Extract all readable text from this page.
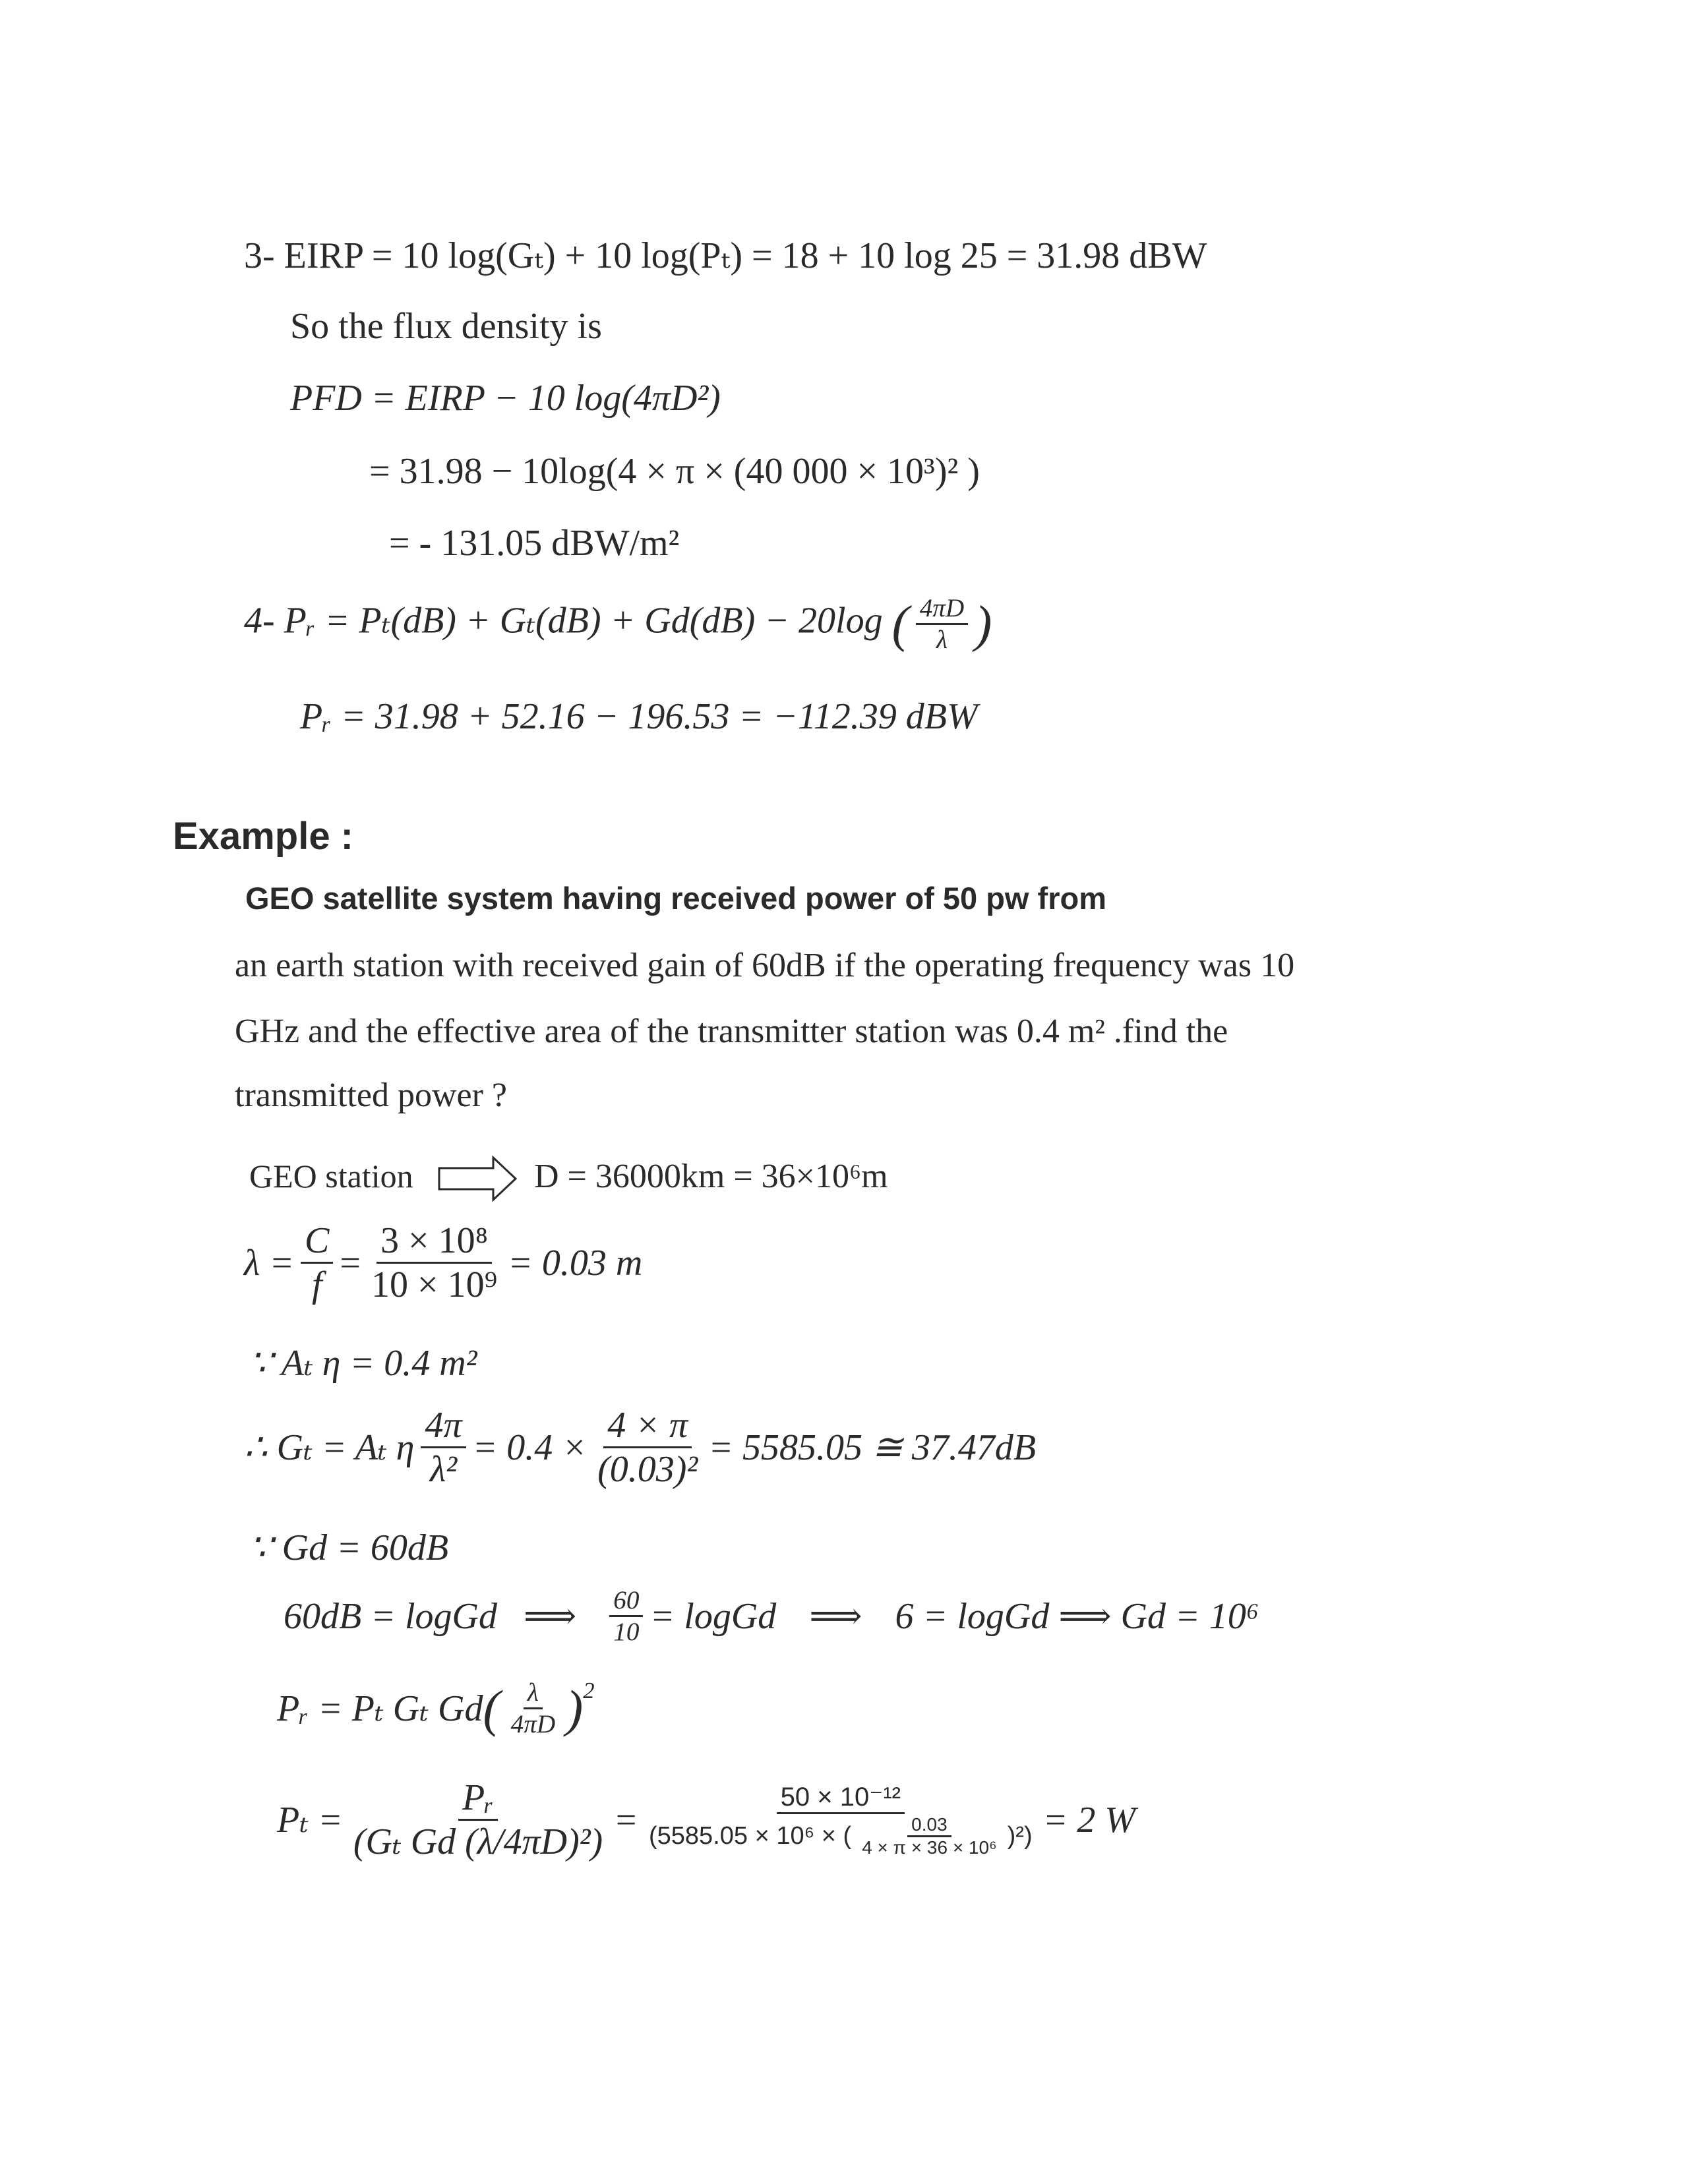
3- EIRP = 10 log(Gₜ) + 10 log(Pₜ) = 18 + 10 log 25 = 31.98 dBW
So the flux density is
PFD = EIRP − 10 log(4πD²)
= 31.98 − 10log(4 × π × (40 000 × 10³)² )
= - 131.05 dBW/m²
4- Pᵣ = Pₜ(dB) + Gₜ(dB) + Gd(dB) − 20log ( $\frac{4\pi D}{\lambda}$ )
Pᵣ = 31.98 + 52.16 − 196.53 = −112.39 dBW
Example :
GEO satellite system having received power of 50 pw from
an earth station with received gain of 60dB if the operating frequency was 10
GHz and the effective area of the transmitter station was 0.4 m² .find the
transmitted power ?
GEO station	D = 36000km = 36×10⁶m
$\lambda = \frac{C}{f} = \frac{\text{3 × 10⁸}}{\text{10 × 10⁹}} = 0.03$ m
∵ Aₜ η = 0.4 m²
∴ Gₜ = Aₜ η $\frac{4\pi}{\text{λ²}} = 0.4 \times \frac{4 \times \pi}{\text{(0.03)²}} = 5585.05$ ≅ 37.47dB
∵ Gd = 60dB
60dB = logGd ⟹ $\frac{60}{10}$ = logGd ⟹ 6 = logGd ⟹ Gd = 10⁶
Pᵣ = Pₜ Gₜ Gd ( $\frac{\lambda}{4\pi D} )^2$
$P_t = \frac{\text{Pᵣ}}{\text{(Gₜ Gd (λ/4πD)²)}} = \frac{\text{50 × 10⁻¹²}}{(5585.05 \times 10^6 \times ( \frac{0.03}{\text{4 × π × 36 × 10⁶}} )^2)} = 2$ W
